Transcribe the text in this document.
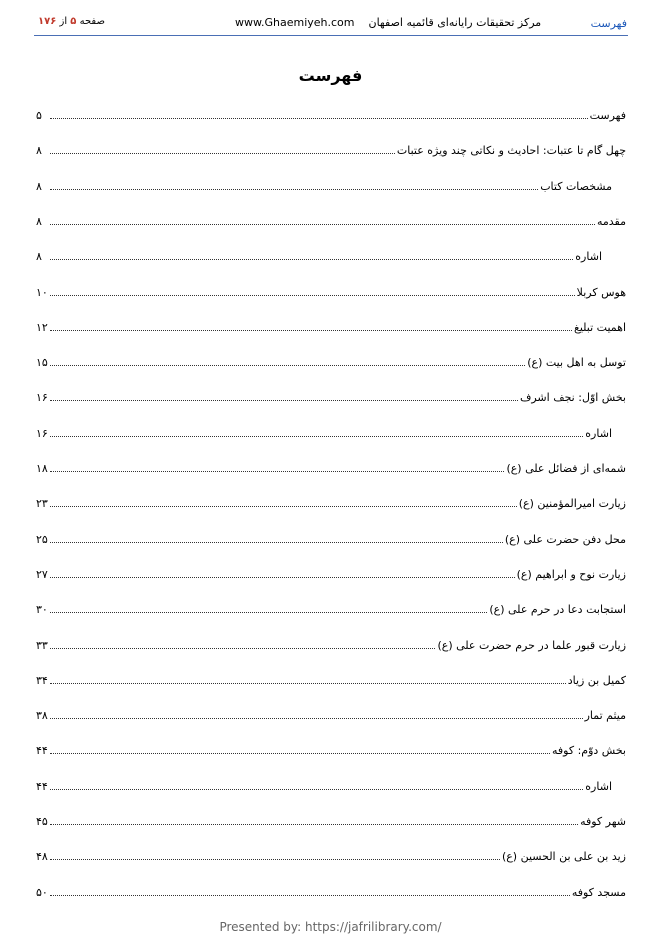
فهرست
مرکز تحقیقات رایانه‌ای قائمیه اصفهان    www.Ghaemiyeh.com
صفحه ۵ از ۱۷۶
فهرست
فهرست
۵
چهل گام تا عتبات: احادیث و نکاتی چند ویژه عتبات
۸
مشخصات کتاب
۸
مقدمه
۸
اشاره
۸
هوس کربلا
۱۰
اهمیت تبلیغ
۱۲
توسل به اهل بیت (ع)
۱۵
بخش اوّل: نجف اشرف
۱۶
اشاره
۱۶
شمه‌ای از فضائل علی (ع)
۱۸
زیارت امیرالمؤمنین (ع)
۲۳
محل دفن حضرت علی (ع)
۲۵
زیارت نوح و ابراهیم (ع)
۲۷
استجابت دعا در حرم علی (ع)
۳۰
زیارت قبور علما در حرم حضرت علی (ع)
۳۳
کمیل بن زیاد
۳۴
میثم تمار
۳۸
بخش دوّم: کوفه
۴۴
اشاره
۴۴
شهر کوفه
۴۵
زید بن علی بن الحسین (ع)
۴۸
مسجد کوفه
۵۰
Presented by: https://jafrilibrary.com/
